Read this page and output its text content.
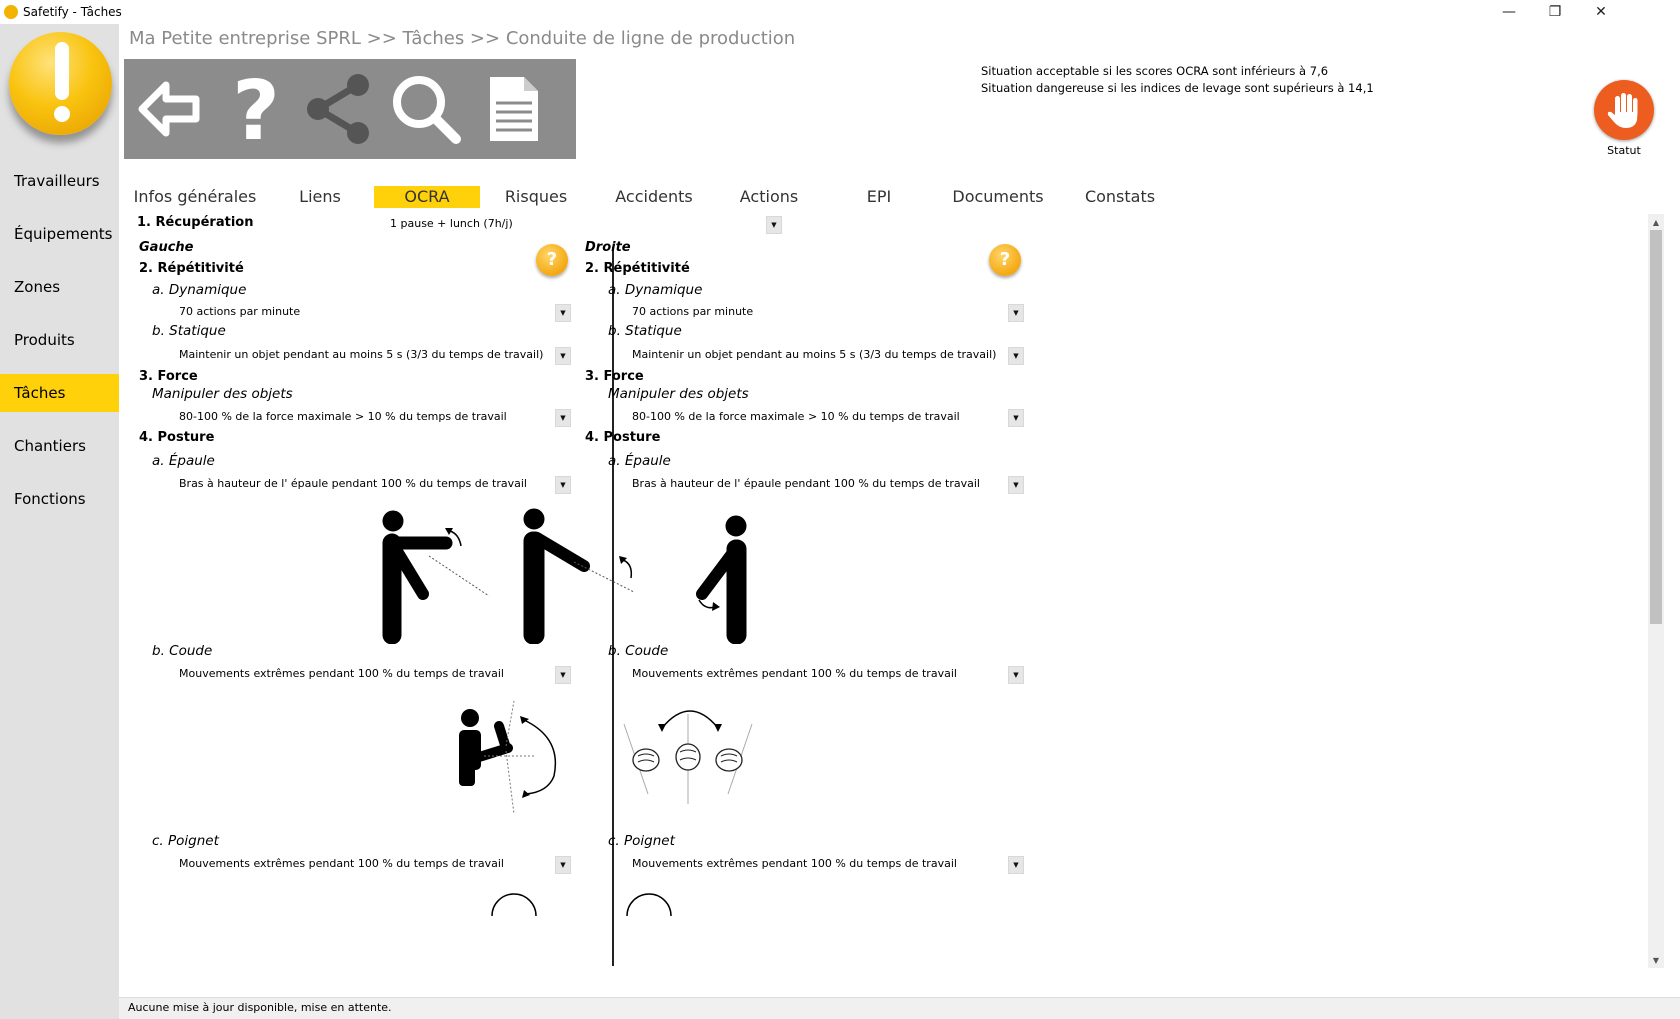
Safetify - Tâches	—	❐	✕
Travailleurs
Équipements
Zones
Produits
Tâches
Chantiers
Fonctions
Ma Petite entreprise SPRL >> Tâches >> Conduite de ligne de production
?	Situation acceptable si les scores OCRA sont inférieurs à 7,6
Situation dangereuse si les indices de levage sont supérieurs à 14,1
Statut
Infos générales	Liens	OCRA	Risques	Accidents	Actions	EPI	Documents	Constats
1. Récupération	1 pause + lunch (7h/j)	▼
Gauche
?
2. Répétitivité
a. Dynamique
70 actions par minute	▼
b. Statique
Maintenir un objet pendant au moins 5 s (3/3 du temps de travail)	▼
3. Force
Manipuler des objets
80-100 % de la force maximale > 10 % du temps de travail	▼
4. Posture
a. Épaule
Bras à hauteur de l' épaule pendant 100 % du temps de travail	▼
b. Coude
Mouvements extrêmes pendant 100 % du temps de travail	▼
c. Poignet
Mouvements extrêmes pendant 100 % du temps de travail	▼
Droite
?
2. Répétitivité
a. Dynamique
70 actions par minute	▼
b. Statique
Maintenir un objet pendant au moins 5 s (3/3 du temps de travail)	▼
3. Force
Manipuler des objets
80-100 % de la force maximale > 10 % du temps de travail	▼
4. Posture
a. Épaule
Bras à hauteur de l' épaule pendant 100 % du temps de travail	▼
b. Coude
Mouvements extrêmes pendant 100 % du temps de travail	▼
c. Poignet
Mouvements extrêmes pendant 100 % du temps de travail	▼
▲
▼
Aucune mise à jour disponible, mise en attente.
